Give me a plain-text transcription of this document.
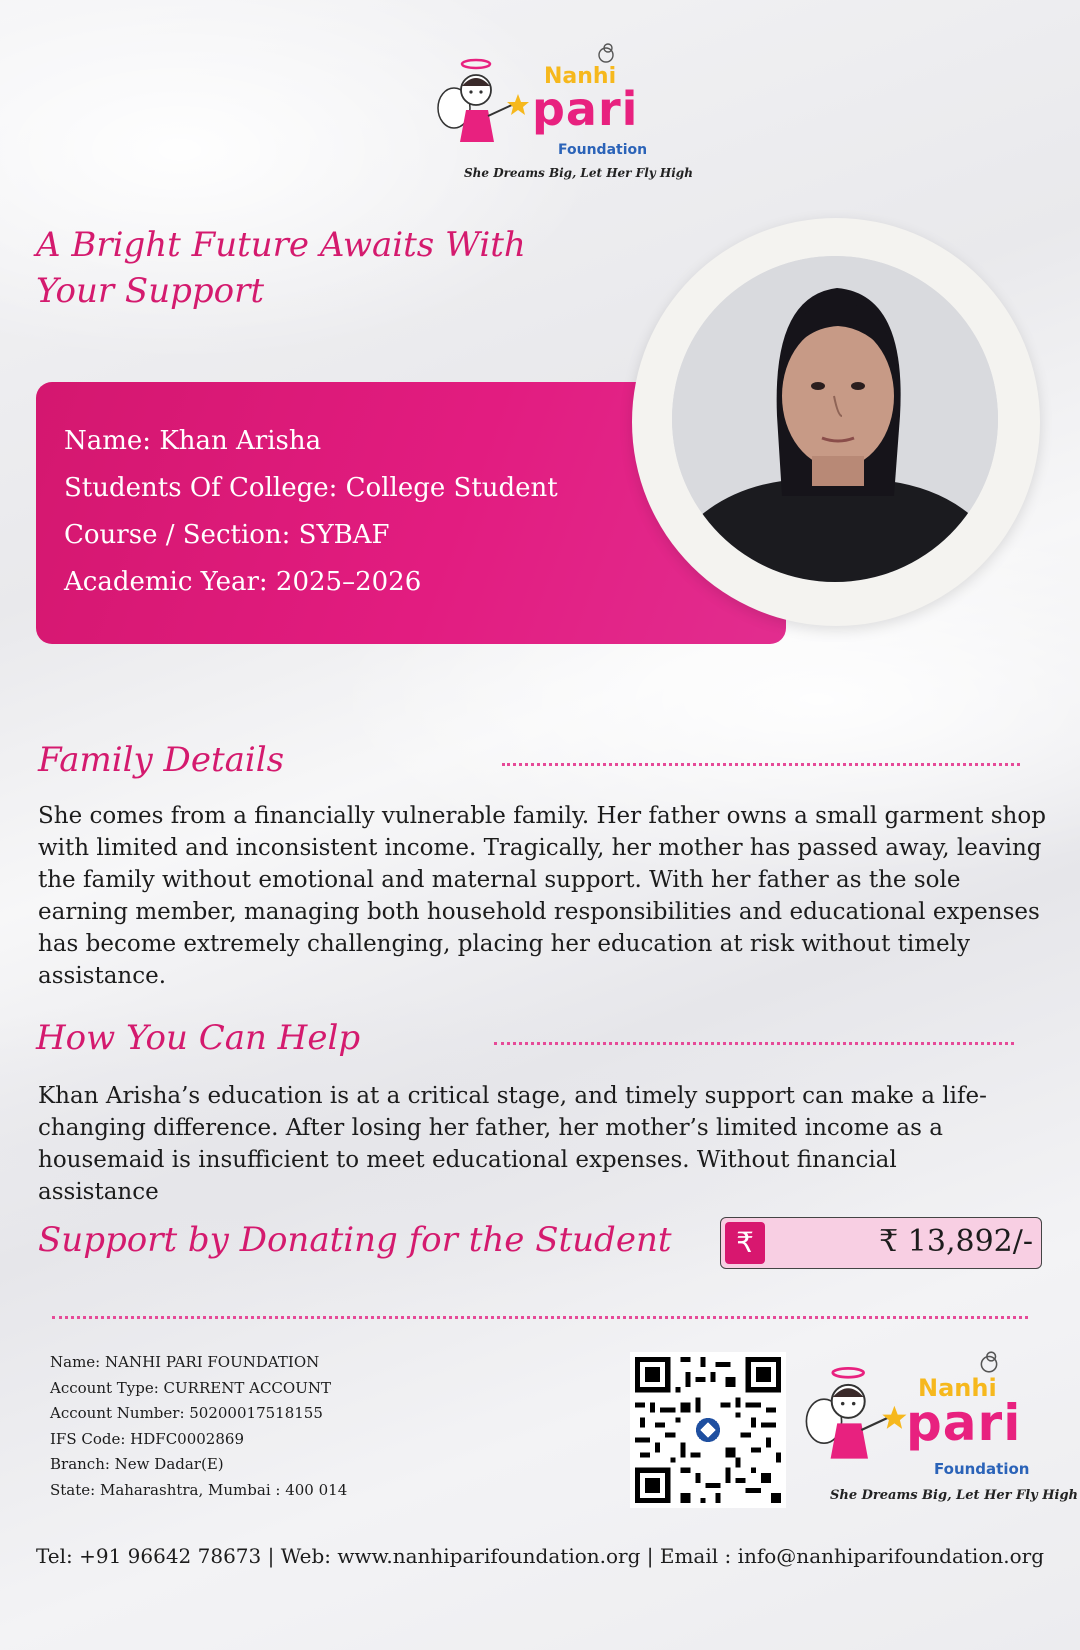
Nanhi
pari
Foundation
She Dreams Big, Let Her Fly High
A Bright Future Awaits With Your Support
Name: Khan Arisha
Students Of College: College Student
Course / Section: SYBAF
Academic Year: 2025–2026
Family Details

She comes from a financially vulnerable family. Her father owns a small garment shop with limited and inconsistent income. Tragically, her mother has passed away, leaving the family without emotional and maternal support. With her father as the sole earning member, managing both household responsibilities and educational expenses has become extremely challenging, placing her education at risk without timely assistance.

How You Can Help

Khan Arisha’s education is at a critical stage, and timely support can make a life-changing difference. After losing her father, her mother’s limited income as a housemaid is insufficient to meet educational expenses. Without financial assistance

Support by Donating for the Student	₹	₹ 13,892/-
Name: NANHI PARI FOUNDATION
Account Type: CURRENT ACCOUNT
Account Number: 50200017518155
IFS Code: HDFC0002869
Branch: New Dadar(E)
State: Maharashtra, Mumbai : 400 014
Nanhi
pari
Foundation
She Dreams Big, Let Her Fly High
Tel: +91 96642 78673 | Web: www.nanhiparifoundation.org | Email : info@nanhiparifoundation.org
